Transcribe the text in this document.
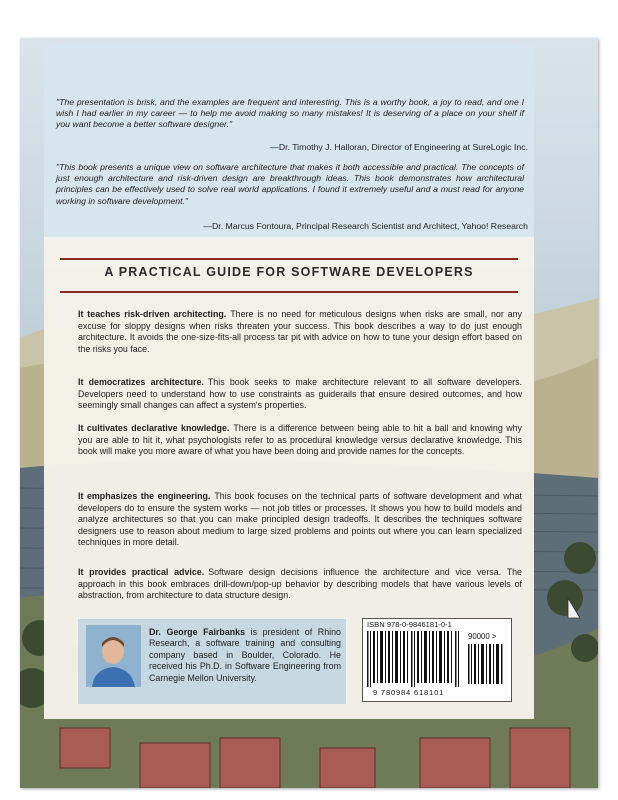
"The presentation is brisk, and the examples are frequent and interesting. This is a worthy book, a joy to read, and one I wish I had earlier in my career — to help me avoid making so many mistakes! It is deserving of a place on your shelf if you want become a better software designer."

—Dr. Timothy J. Halloran, Director of Engineering at SureLogic Inc.

"This book presents a unique view on software architecture that makes it both accessible and practical. The concepts of just enough architecture and risk-driven design are breakthrough ideas. This book demonstrates how architectural principles can be effectively used to solve real world applications. I found it extremely useful and a must read for anyone working in software development."

—Dr. Marcus Fontoura, Principal Research Scientist and Architect, Yahoo! Research

A PRACTICAL GUIDE FOR SOFTWARE DEVELOPERS

It teaches risk-driven architecting. There is no need for meticulous designs when risks are small, nor any excuse for sloppy designs when risks threaten your success. This book describes a way to do just enough architecture. It avoids the one-size-fits-all process tar pit with advice on how to tune your design effort based on the risks you face.

It democratizes architecture. This book seeks to make architecture relevant to all software developers. Developers need to understand how to use constraints as guiderails that ensure desired outcomes, and how seemingly small changes can affect a system's properties.

It cultivates declarative knowledge. There is a difference between being able to hit a ball and knowing why you are able to hit it, what psychologists refer to as procedural knowledge versus declarative knowledge. This book will make you more aware of what you have been doing and provide names for the concepts.

It emphasizes the engineering. This book focuses on the technical parts of software development and what developers do to ensure the system works — not job titles or processes. It shows you how to build models and analyze architectures so that you can make principled design tradeoffs. It describes the techniques software designers use to reason about medium to large sized problems and points out where you can learn specialized techniques in more detail.

It provides practical advice. Software design decisions influence the architecture and vice versa. The approach in this book embraces drill-down/pop-up behavior by describing models that have various levels of abstraction, from architecture to data structure design.

Dr. George Fairbanks is president of Rhino Research, a software training and consulting company based in Boulder, Colorado. He received his Ph.D. in Software Engineering from Carnegie Mellon University.

ISBN 978-0-9846181-0-1

90000 >

9 780984 618101
